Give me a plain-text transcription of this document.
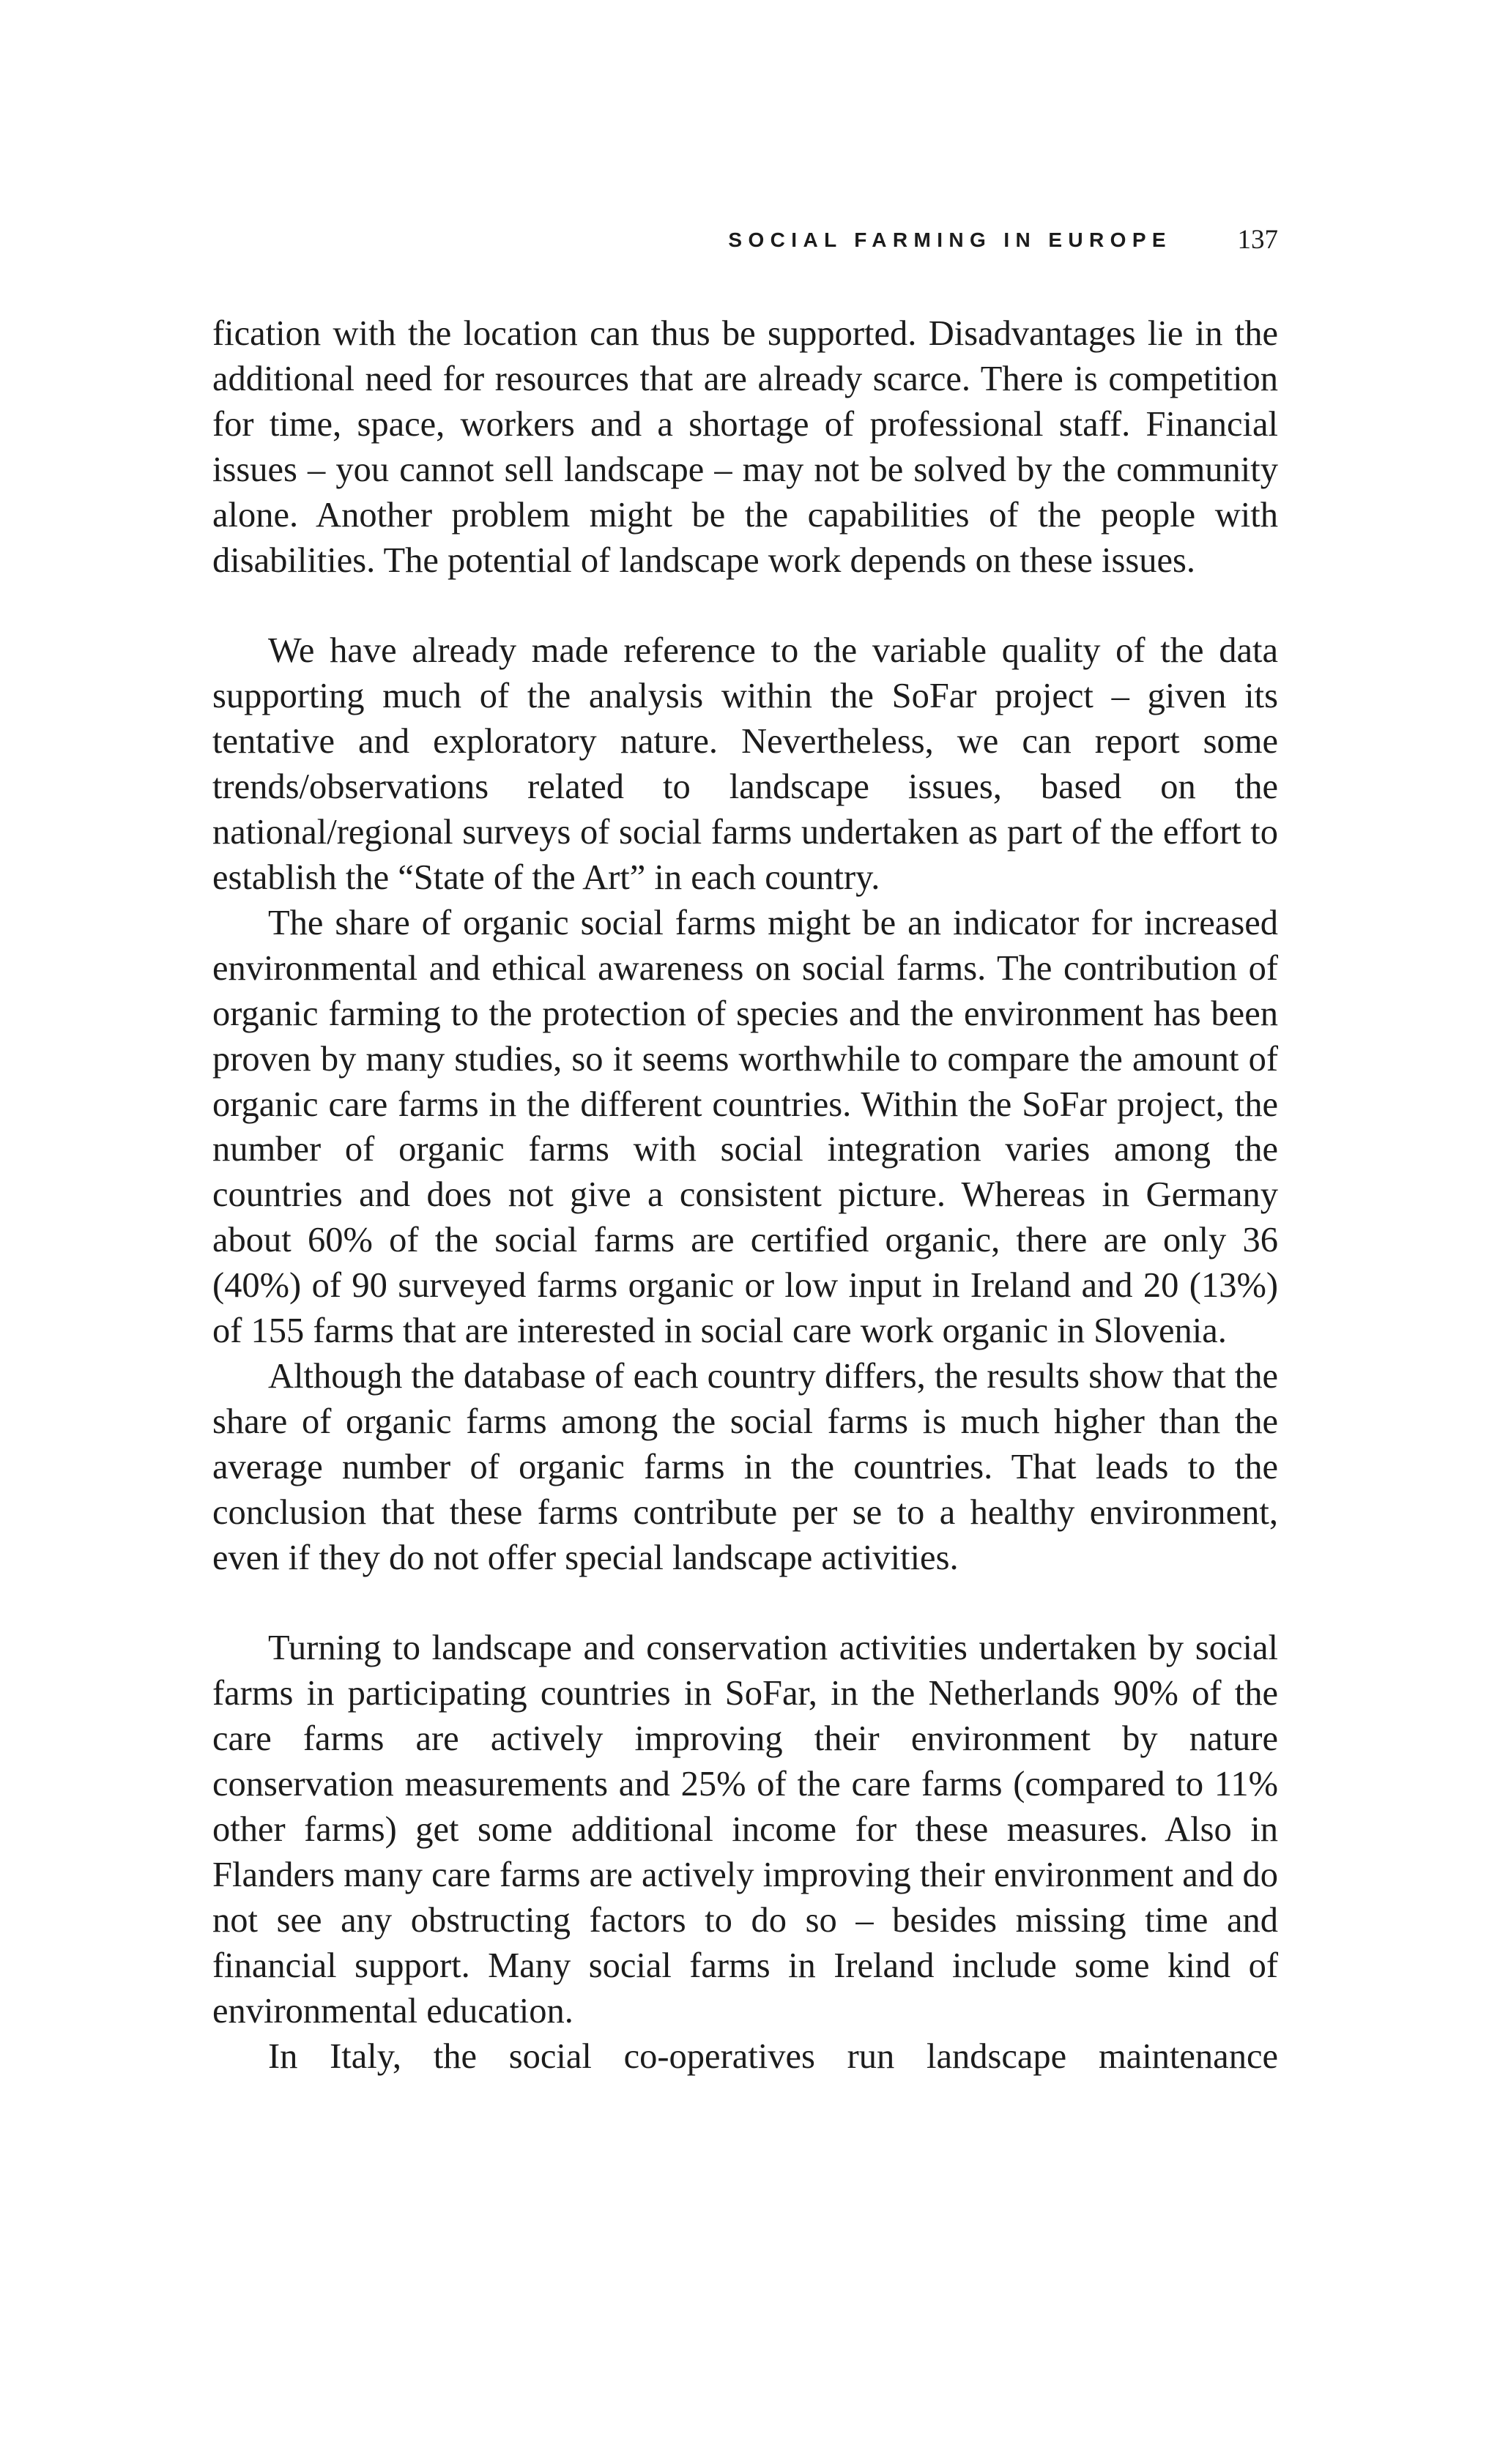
SOCIAL FARMING IN EUROPE 137

fication with the location can thus be supported. Disadvantages lie in the additional need for resources that are already scarce. There is competition for time, space, workers and a shortage of professional staff. Financial issues – you cannot sell landscape – may not be solved by the community alone. Another problem might be the capabilities of the people with disabilities. The potential of landscape work depends on these issues.

We have already made reference to the variable quality of the data supporting much of the analysis within the SoFar project – given its tentative and exploratory nature. Nevertheless, we can report some trends/observations related to landscape issues, based on the national/regional surveys of social farms undertaken as part of the effort to establish the “State of the Art” in each country.

The share of organic social farms might be an indicator for increased environmental and ethical awareness on social farms. The contribution of organic farming to the protection of species and the environment has been proven by many studies, so it seems worthwhile to compare the amount of organic care farms in the different countries. Within the SoFar project, the number of organic farms with social integration varies among the countries and does not give a consistent picture. Whereas in Germany about 60% of the social farms are certified organic, there are only 36 (40%) of 90 surveyed farms organic or low input in Ireland and 20 (13%) of 155 farms that are interested in social care work organic in Slovenia.

Although the database of each country differs, the results show that the share of organic farms among the social farms is much higher than the average number of organic farms in the countries. That leads to the conclusion that these farms contribute per se to a healthy environment, even if they do not offer special landscape activities.

Turning to landscape and conservation activities undertaken by social farms in participating countries in SoFar, in the Netherlands 90% of the care farms are actively improving their environment by nature conservation measurements and 25% of the care farms (compared to 11% other farms) get some additional income for these measures. Also in Flanders many care farms are actively improving their environment and do not see any obstructing factors to do so – besides missing time and financial support. Many social farms in Ireland include some kind of environmental education.

In Italy, the social co-operatives run landscape maintenance
